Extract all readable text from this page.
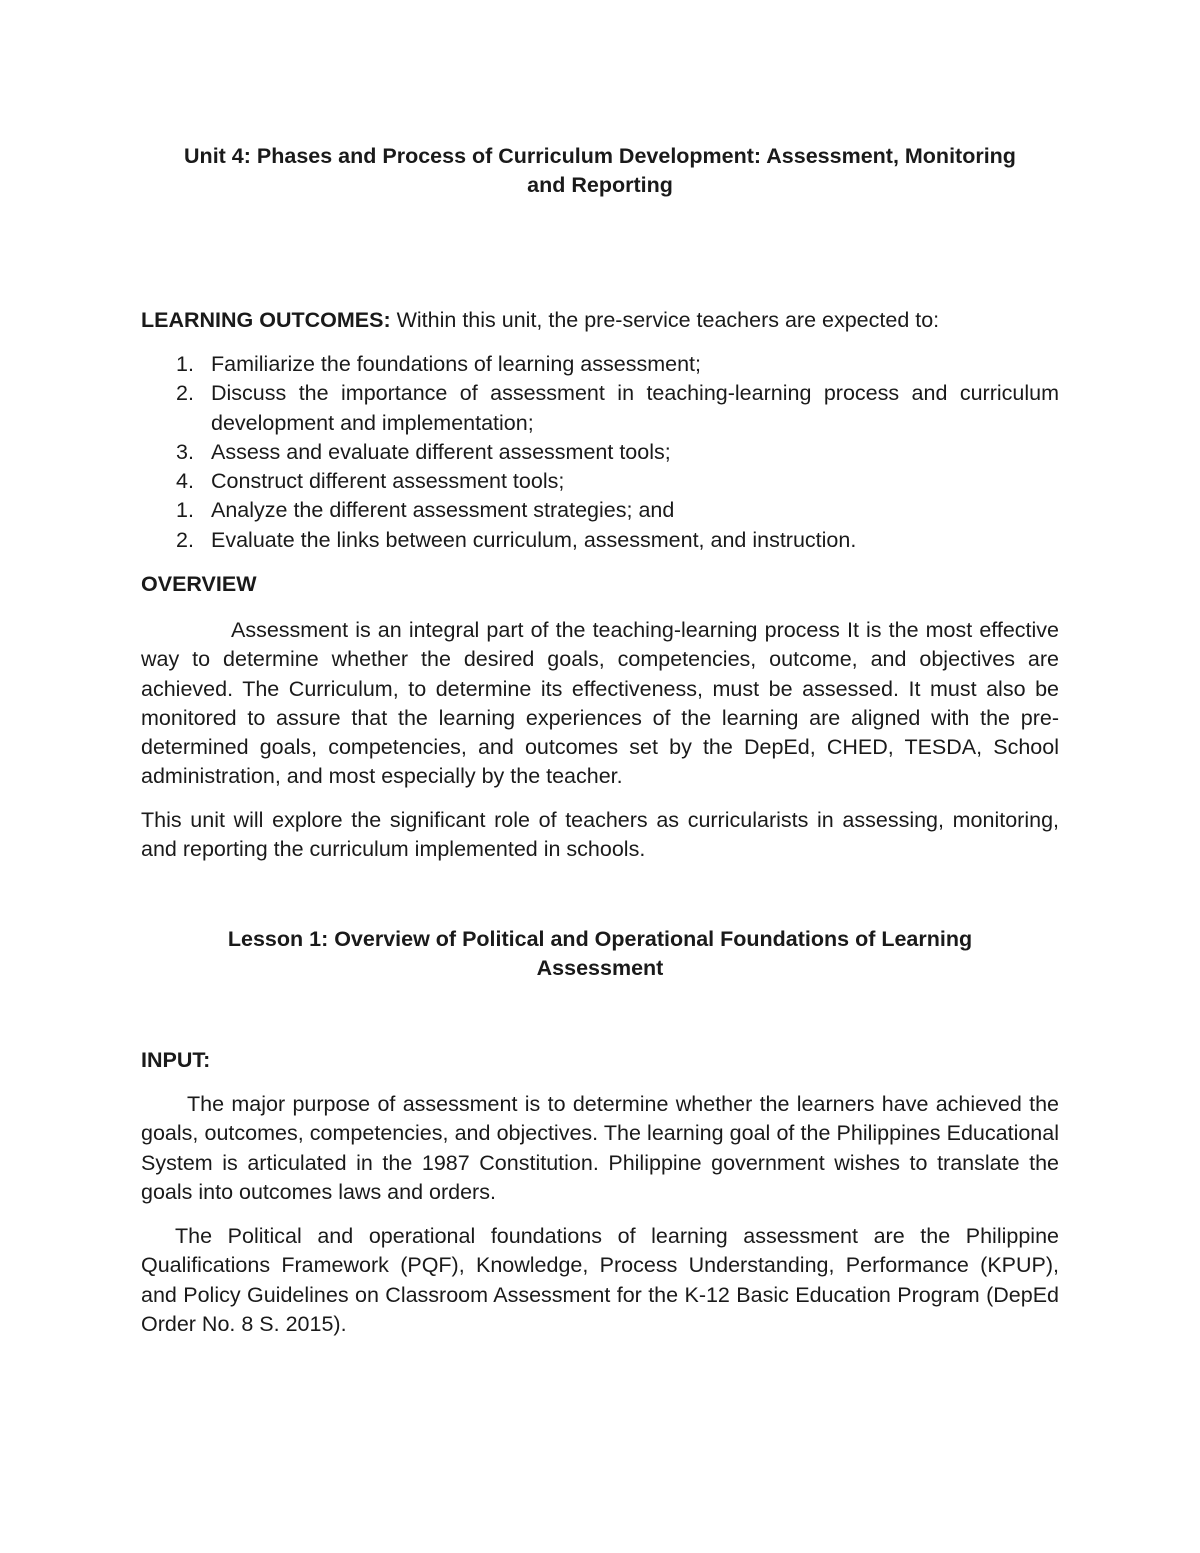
Unit 4: Phases and Process of Curriculum Development: Assessment, Monitoring
and Reporting
LEARNING OUTCOMES: Within this unit, the pre-service teachers are expected to:
1. Familiarize the foundations of learning assessment;
2. Discuss the importance of assessment in teaching-learning process and curriculum development and implementation;
3. Assess and evaluate different assessment tools;
4. Construct different assessment tools;
1. Analyze the different assessment strategies; and
2. Evaluate the links between curriculum, assessment, and instruction.
OVERVIEW
Assessment is an integral part of the teaching-learning process It is the most effective way to determine whether the desired goals, competencies, outcome, and objectives are achieved. The Curriculum, to determine its effectiveness, must be assessed. It must also be monitored to assure that the learning experiences of the learning are aligned with the pre-determined goals, competencies, and outcomes set by the DepEd, CHED, TESDA, School administration, and most especially by the teacher.
This unit will explore the significant role of teachers as curricularists in assessing, monitoring, and reporting the curriculum implemented in schools.
Lesson 1: Overview of Political and Operational Foundations of Learning
Assessment
INPUT:
The major purpose of assessment is to determine whether the learners have achieved the goals, outcomes, competencies, and objectives. The learning goal of the Philippines Educational System is articulated in the 1987 Constitution. Philippine government wishes to translate the goals into outcomes laws and orders.
The Political and operational foundations of learning assessment are the Philippine Qualifications Framework (PQF), Knowledge, Process Understanding, Performance (KPUP), and Policy Guidelines on Classroom Assessment for the K-12 Basic Education Program (DepEd Order No. 8 S. 2015).
